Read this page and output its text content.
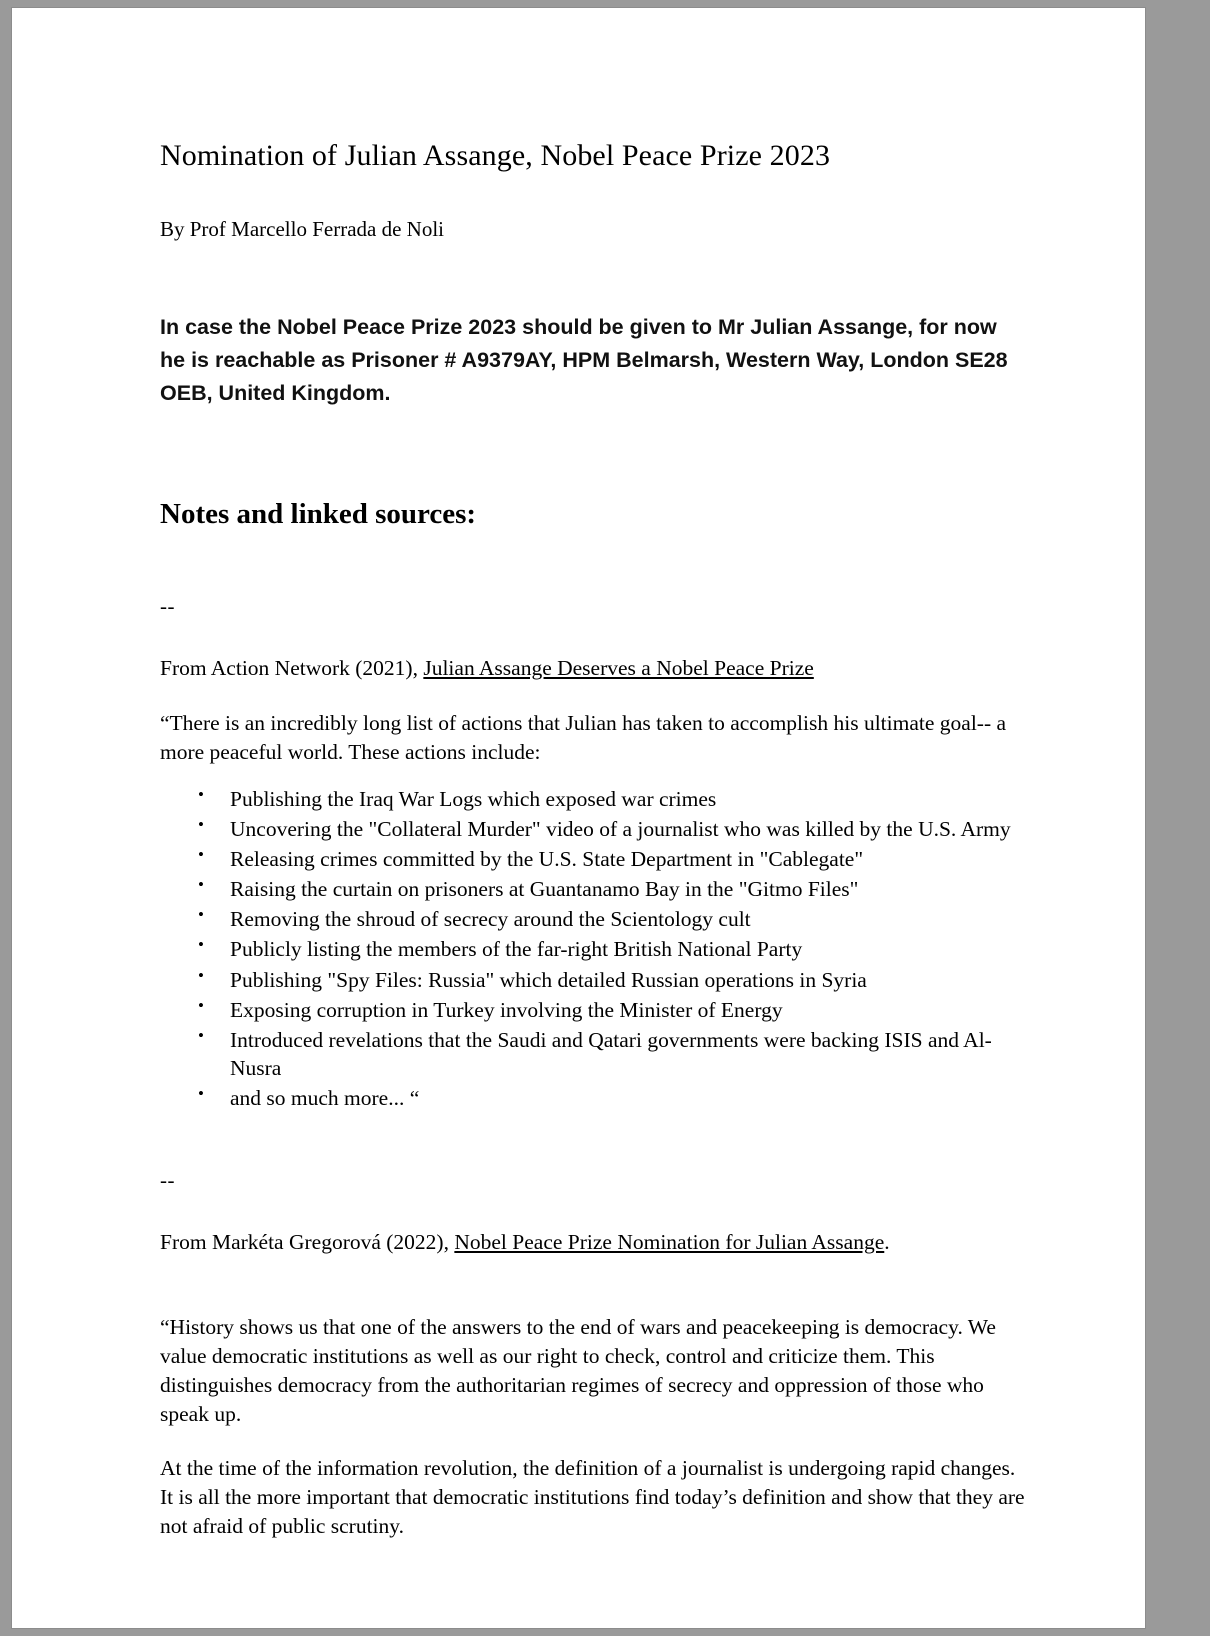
Nomination of Julian Assange, Nobel Peace Prize 2023
By Prof Marcello Ferrada de Noli
In case the Nobel Peace Prize 2023 should be given to Mr Julian Assange, for now he is reachable as Prisoner # A9379AY, HPM Belmarsh, Western Way, London SE28 OEB, United Kingdom.
Notes and linked sources:
--
From Action Network (2021), Julian Assange Deserves a Nobel Peace Prize
“There is an incredibly long list of actions that Julian has taken to accomplish his ultimate goal-- a more peaceful world. These actions include:
• Publishing the Iraq War Logs which exposed war crimes
• Uncovering the "Collateral Murder" video of a journalist who was killed by the U.S. Army
• Releasing crimes committed by the U.S. State Department in "Cablegate"
• Raising the curtain on prisoners at Guantanamo Bay in the "Gitmo Files"
• Removing the shroud of secrecy around the Scientology cult
• Publicly listing the members of the far-right British National Party
• Publishing "Spy Files: Russia" which detailed Russian operations in Syria
• Exposing corruption in Turkey involving the Minister of Energy
• Introduced revelations that the Saudi and Qatari governments were backing ISIS and Al-Nusra
• and so much more... “
--
From Markéta Gregorová (2022), Nobel Peace Prize Nomination for Julian Assange.
“History shows us that one of the answers to the end of wars and peacekeeping is democracy. We value democratic institutions as well as our right to check, control and criticize them. This distinguishes democracy from the authoritarian regimes of secrecy and oppression of those who speak up.
At the time of the information revolution, the definition of a journalist is undergoing rapid changes. It is all the more important that democratic institutions find today’s definition and show that they are not afraid of public scrutiny.
